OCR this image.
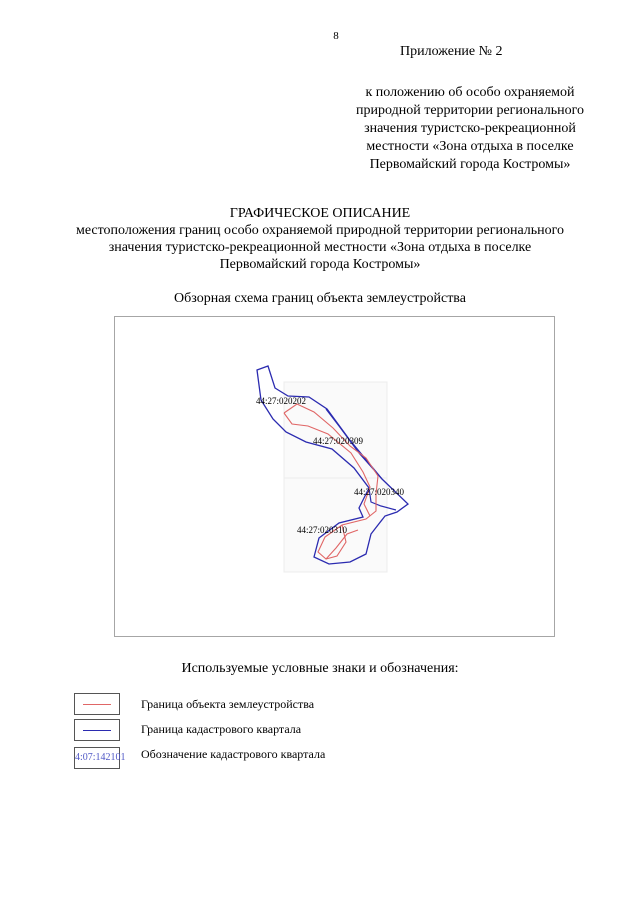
8
Приложение № 2
к положению об особо охраняемой
природной территории регионального
значения туристско-рекреационной
местности «Зона отдыха в поселке
Первомайский города Костромы»
ГРАФИЧЕСКОЕ ОПИСАНИЕ
местоположения границ особо охраняемой природной территории регионального
значения туристско-рекреационной местности «Зона отдыха в поселке
Первомайский города Костромы»
Обзорная схема границ объекта землеустройства
44:27:020202
44:27:020309
44:27:020340
44:27:020310
Используемые условные знаки и обозначения:
Граница объекта землеустройства
Граница кадастрового квартала
4:07:142101 Обозначение кадастрового квартала
